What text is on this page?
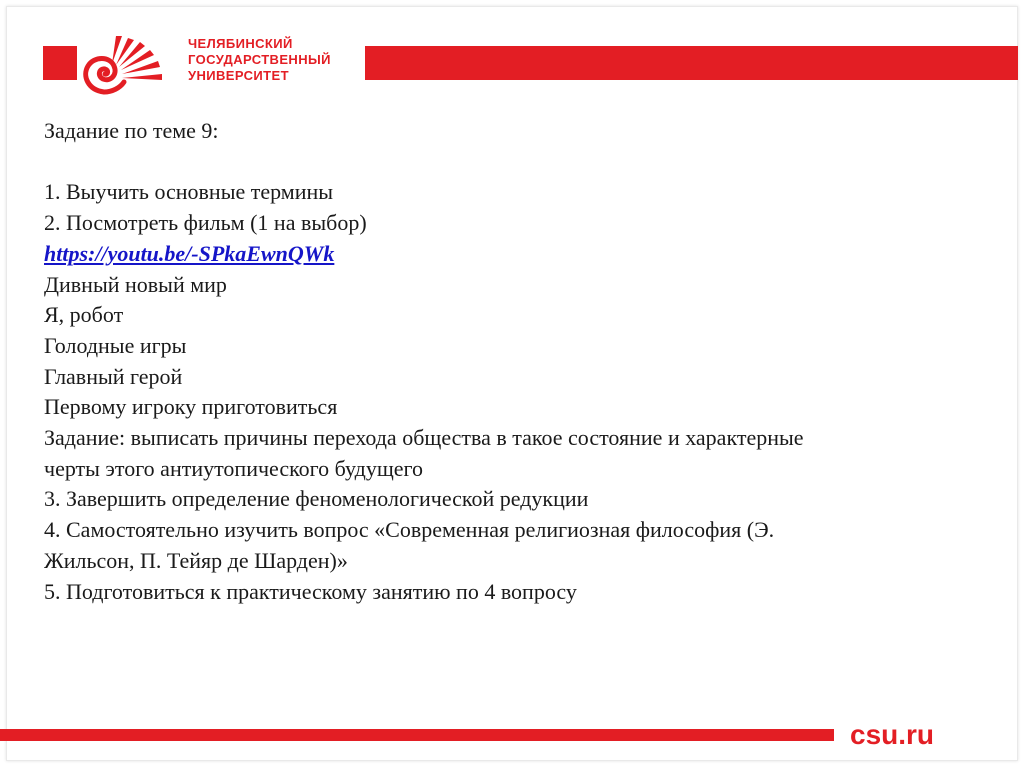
ЧЕЛЯБИНСКИЙ
ГОСУДАРСТВЕННЫЙ
УНИВЕРСИТЕТ

Задание по теме 9:

1. Выучить основные термины

2. Посмотреть фильм (1 на выбор)

https://youtu.be/-SPkaEwnQWk

Дивный новый мир

Я, робот

Голодные игры

Главный герой

Первому игроку приготовиться

Задание: выписать причины перехода общества в такое состояние и характерные

черты этого антиутопического будущего

3. Завершить определение феноменологической редукции

4. Самостоятельно изучить вопрос «Современная религиозная философия (Э.

Жильсон, П. Тейяр де Шарден)»

5. Подготовиться к практическому занятию по 4 вопросу

csu.ru
